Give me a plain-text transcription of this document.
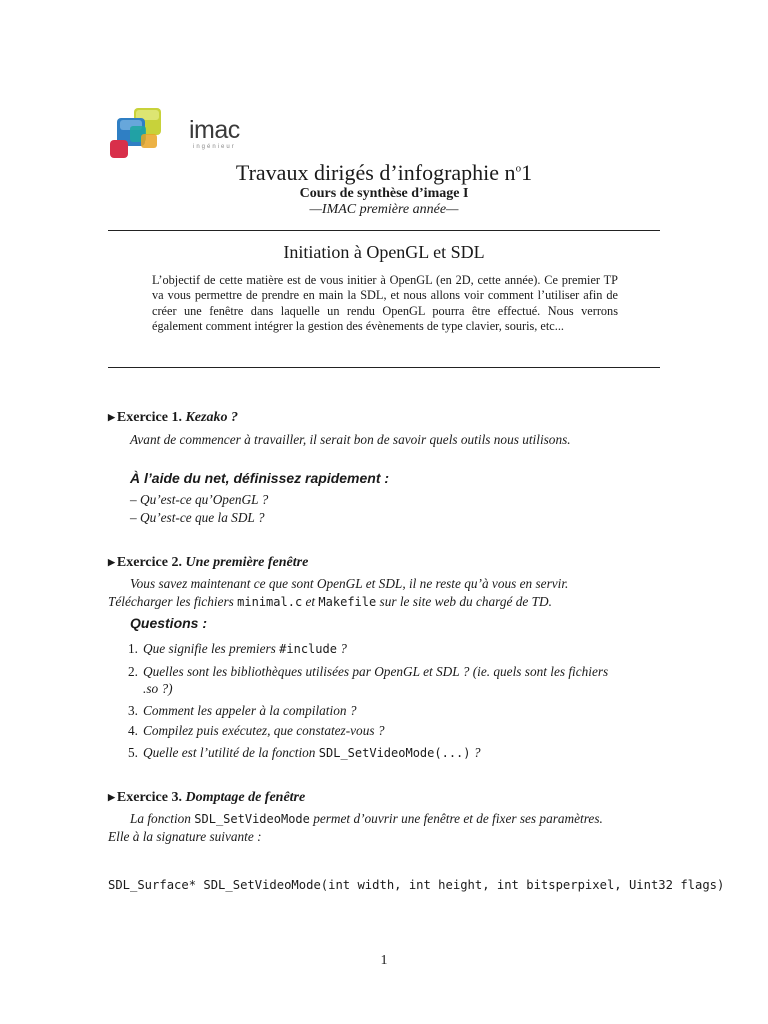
imac
ingénieur
Travaux dirigés d’infographie $n^o1$
Cours de synthèse d’image I
—IMAC première année—
Initiation à OpenGL et SDL
L’objectif de cette matière est de vous initier à OpenGL (en 2D, cette année). Ce premier TP va vous permettre de prendre en main la SDL, et nous allons voir comment l’utiliser afin de créer une fenêtre dans laquelle un rendu OpenGL pourra être effectué. Nous verrons également comment intégrer la gestion des évènements de type clavier, souris, etc...
▶ Exercice 1. Kezako ?
Avant de commencer à travailler, il serait bon de savoir quels outils nous utilisons.
À l’aide du net, définissez rapidement :
– Qu’est-ce qu’OpenGL ?
– Qu’est-ce que la SDL ?
▶ Exercice 2. Une première fenêtre
Vous savez maintenant ce que sont OpenGL et SDL, il ne reste qu’à vous en servir.
Télécharger les fichiers minimal.c et Makefile sur le site web du chargé de TD.
Questions :
1. Que signifie les premiers #include ?
2. Quelles sont les bibliothèques utilisées par OpenGL et SDL ? (ie. quels sont les fichiers
.so ?)
3. Comment les appeler à la compilation ?
4. Compilez puis exécutez, que constatez-vous ?
5. Quelle est l’utilité de la fonction SDL_SetVideoMode(...) ?
▶ Exercice 3. Domptage de fenêtre
La fonction SDL_SetVideoMode permet d’ouvrir une fenêtre et de fixer ses paramètres.
Elle à la signature suivante :
SDL_Surface* SDL_SetVideoMode(int width, int height, int bitsperpixel, Uint32 flags)
1
